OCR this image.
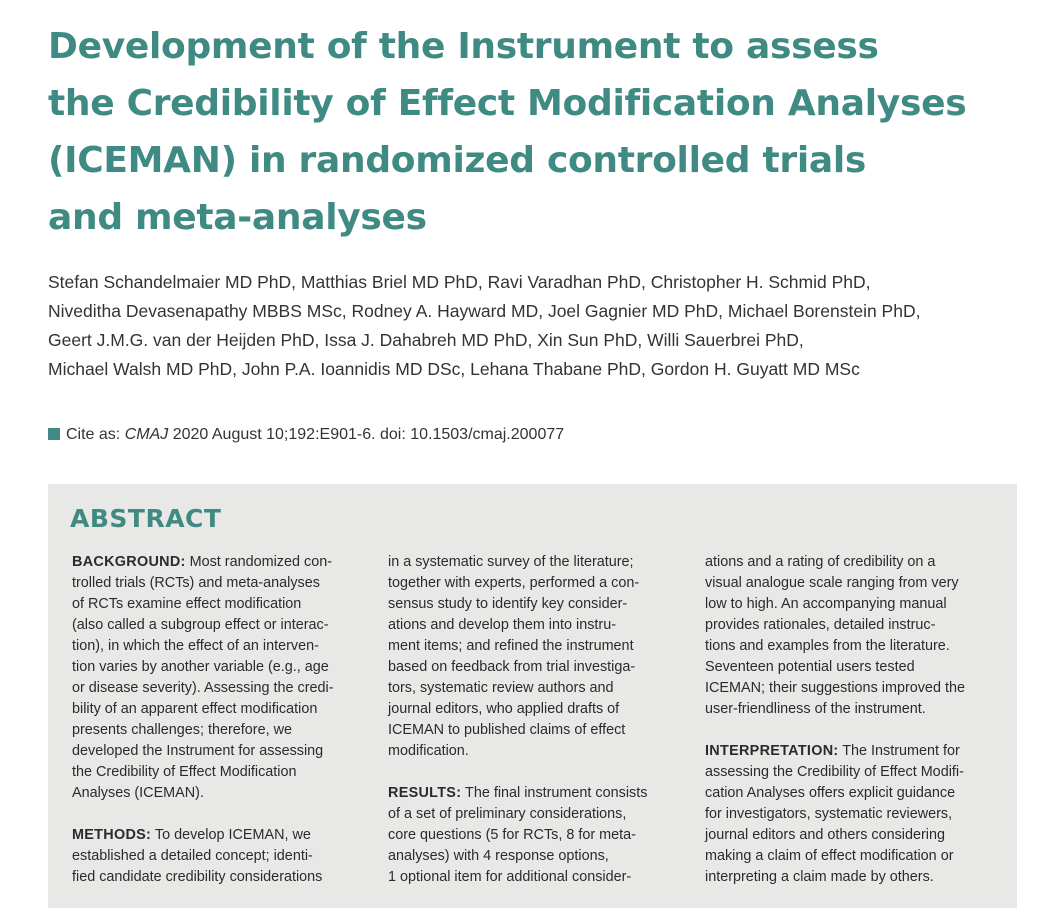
Development of the Instrument to assess
the Credibility of Effect Modification Analyses
(ICEMAN) in randomized controlled trials
and meta-analyses
Stefan Schandelmaier MD PhD, Matthias Briel MD PhD, Ravi Varadhan PhD, Christopher H. Schmid PhD,
Niveditha Devasenapathy MBBS MSc, Rodney A. Hayward MD, Joel Gagnier MD PhD, Michael Borenstein PhD,
Geert J.M.G. van der Heijden PhD, Issa J. Dahabreh MD PhD, Xin Sun PhD, Willi Sauerbrei PhD,
Michael Walsh MD PhD, John P.A. Ioannidis MD DSc, Lehana Thabane PhD, Gordon H. Guyatt MD MSc
Cite as: CMAJ 2020 August 10;192:E901-6. doi: 10.1503/cmaj.200077
ABSTRACT
BACKGROUND: Most randomized con-
trolled trials (RCTs) and meta-analyses
of RCTs examine effect modification
(also called a subgroup effect or interac-
tion), in which the effect of an interven-
tion varies by another variable (e.g., age
or disease severity). Assessing the credi-
bility of an apparent effect modification
presents challenges; therefore, we
developed the Instrument for assessing
the Credibility of Effect Modification
Analyses (ICEMAN).
METHODS: To develop ICEMAN, we
established a detailed concept; identi-
fied candidate credibility considerations
in a systematic survey of the literature;
together with experts, performed a con-
sensus study to identify key consider-
ations and develop them into instru-
ment items; and refined the instrument
based on feedback from trial investiga-
tors, systematic review authors and
journal editors, who applied drafts of
ICEMAN to published claims of effect
modification.
RESULTS: The final instrument consists
of a set of preliminary considerations,
core questions (5 for RCTs, 8 for meta-
analyses) with 4 response options,
1 optional item for additional consider-
ations and a rating of credibility on a
visual analogue scale ranging from very
low to high. An accompanying manual
provides rationales, detailed instruc-
tions and examples from the literature.
Seventeen potential users tested
ICEMAN; their suggestions improved the
user-friendliness of the instrument.
INTERPRETATION: The Instrument for
assessing the Credibility of Effect Modifi-
cation Analyses offers explicit guidance
for investigators, systematic reviewers,
journal editors and others considering
making a claim of effect modification or
interpreting a claim made by others.
